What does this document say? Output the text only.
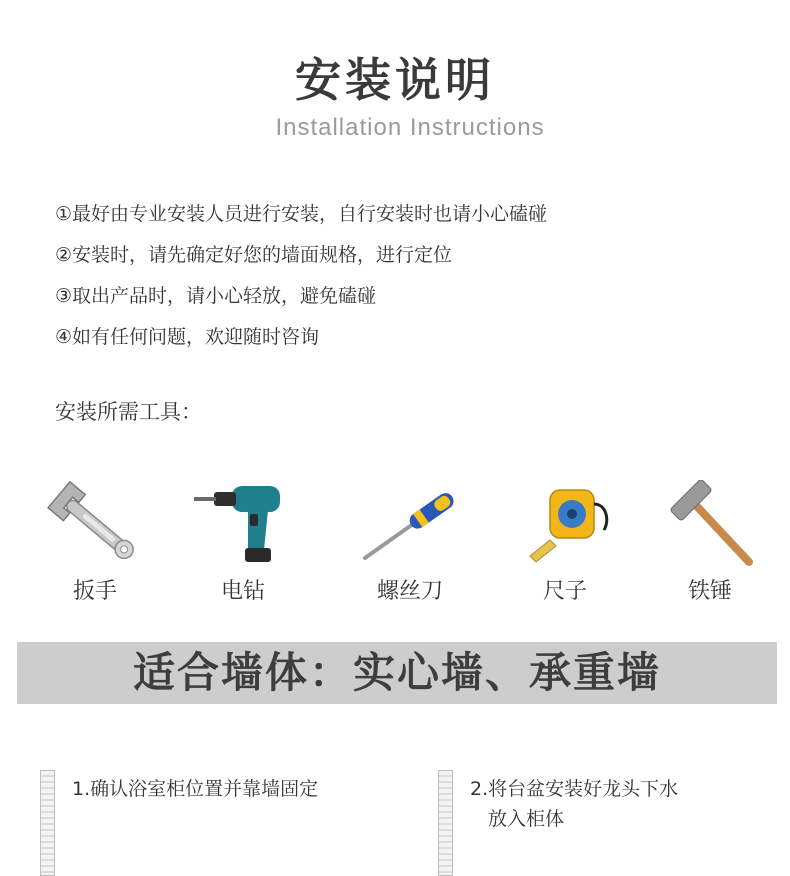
安装说明
Installation Instructions
①最好由专业安装人员进行安装，自行安装时也请小心磕碰
②安装时，请先确定好您的墙面规格，进行定位
③取出产品时，请小心轻放，避免磕碰
④如有任何问题，欢迎随时咨询
安装所需工具：
扳手	电钻	螺丝刀	尺子	铁锤
适合墙体：实心墙、承重墙
1.确认浴室柜位置并靠墙固定	2.将台盆安装好龙头下水
放入柜体
